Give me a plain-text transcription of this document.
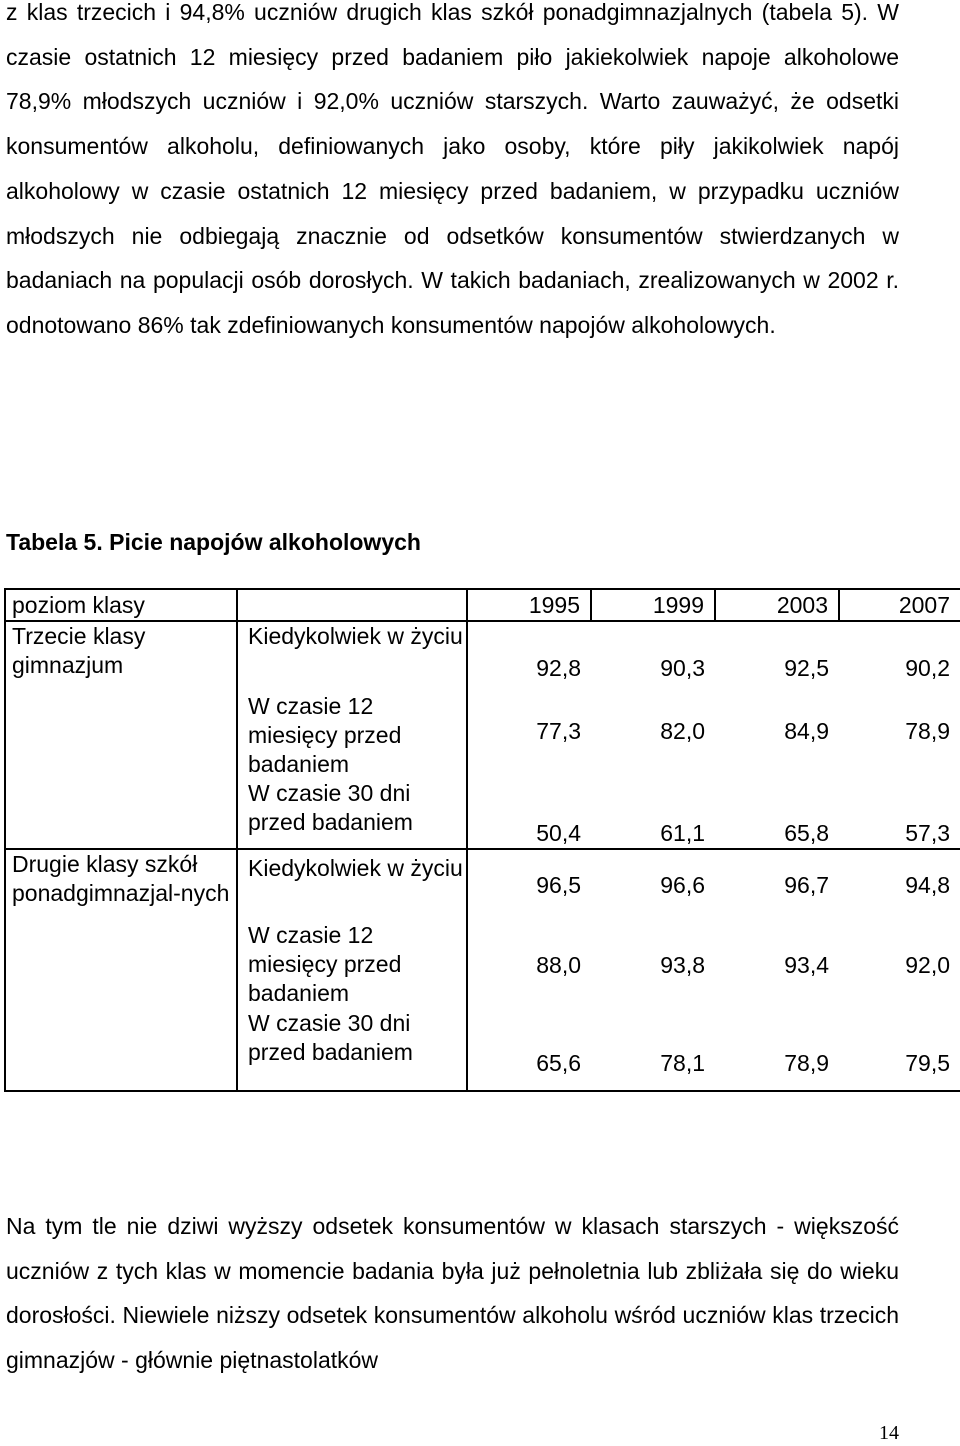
z klas trzecich i 94,8% uczniów drugich klas szkół ponadgimnazjalnych (tabela 5). W czasie ostatnich 12 miesięcy przed badaniem piło jakiekolwiek napoje alkoholowe 78,9% młodszych uczniów i 92,0% uczniów starszych. Warto zauważyć, że odsetki konsumentów alkoholu, definiowanych jako osoby, które piły jakikolwiek napój alkoholowy w czasie ostatnich 12 miesięcy przed badaniem, w przypadku uczniów młodszych nie odbiegają znacznie od odsetków konsumentów stwierdzanych w badaniach na populacji osób dorosłych. W takich badaniach, zrealizowanych w 2002 r. odnotowano 86% tak zdefiniowanych konsumentów napojów alkoholowych.

Tabela 5. Picie napojów alkoholowych

poziom klasy		1995	1999	2003	2007
Trzecie klasy gimnazjum	Kiedykolwiek w życiu	92,8	90,3	92,5	90,2
	W czasie 12 miesięcy przed badaniem	77,3	82,0	84,9	78,9
	W czasie 30 dni przed badaniem	50,4	61,1	65,8	57,3
Drugie klasy szkół ponadgimnazjal-nych	Kiedykolwiek w życiu	96,5	96,6	96,7	94,8
	W czasie 12 miesięcy przed badaniem	88,0	93,8	93,4	92,0
	W czasie 30 dni przed badaniem	65,6	78,1	78,9	79,5

Na tym tle nie dziwi wyższy odsetek konsumentów w klasach starszych - większość uczniów z tych klas w momencie badania była już pełnoletnia lub zbliżała się do wieku dorosłości. Niewiele niższy odsetek konsumentów alkoholu wśród uczniów klas trzecich gimnazjów - głównie piętnastolatków

14
